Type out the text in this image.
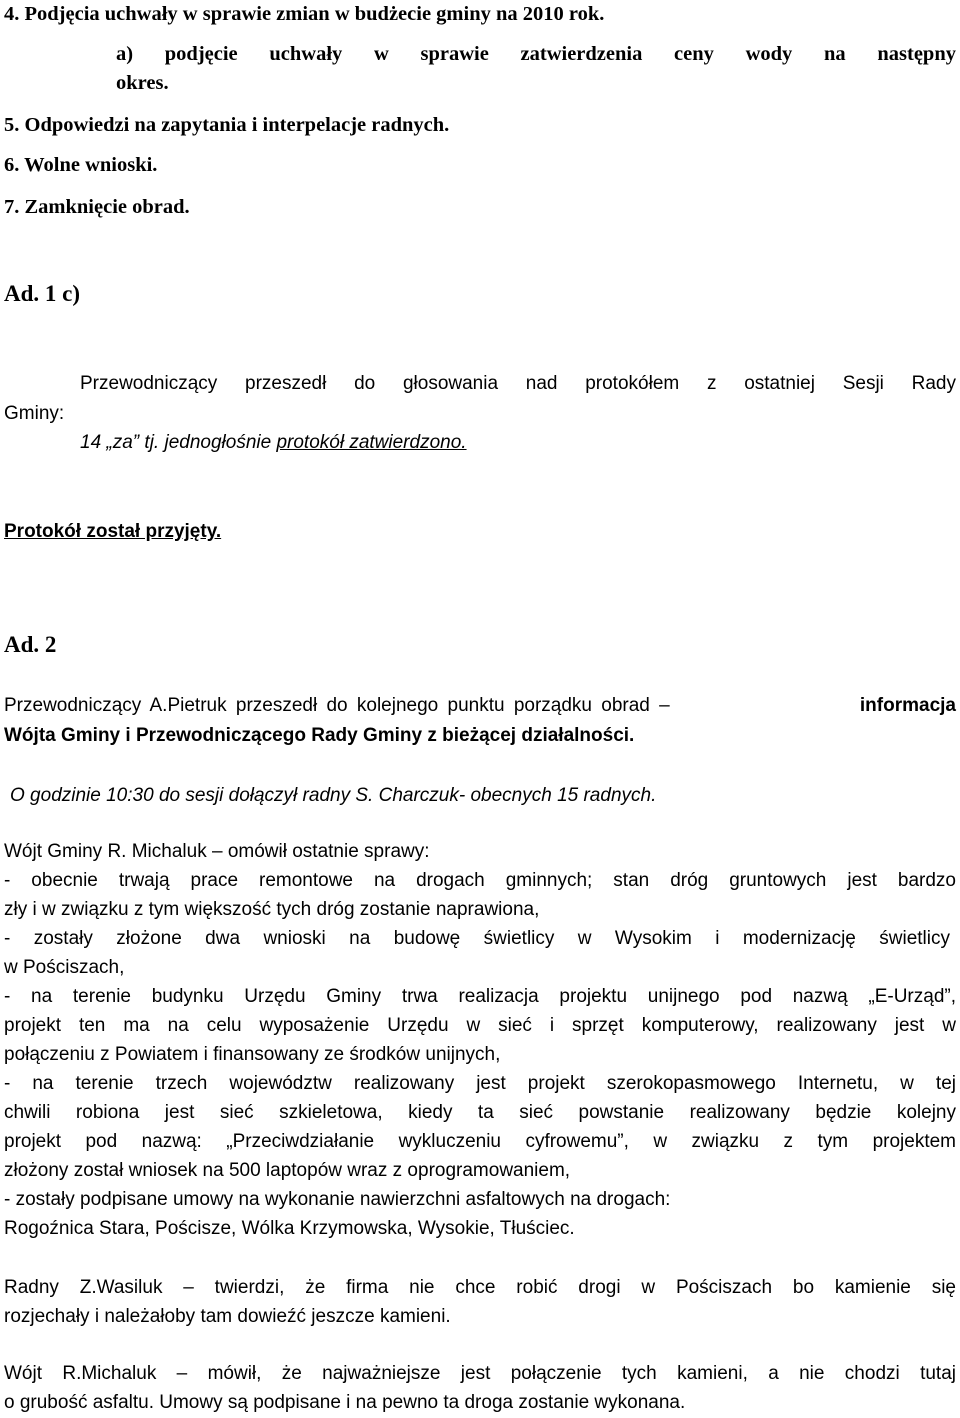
4. Podjęcia uchwały w sprawie zmian w budżecie gminy na 2010 rok.
a) podjęcie uchwały w sprawie zatwierdzenia ceny wody na następny
okres.
5. Odpowiedzi na zapytania i interpelacje radnych.
6. Wolne wnioski.
7. Zamknięcie obrad.
Ad. 1 c)
Przewodniczący przeszedł do głosowania nad protokółem z ostatniej Sesji Rady
Gminy:
14 „za” tj. jednogłośnie protokół zatwierdzono.
Protokół został przyjęty.
Ad. 2
Przewodniczący A.Pietruk przeszedł do kolejnego punktu porządku obrad –	informacja
Wójta Gminy i Przewodniczącego Rady Gminy z bieżącej działalności.
O godzinie 10:30 do sesji dołączył radny S. Charczuk- obecnych 15 radnych.
Wójt Gminy R. Michaluk – omówił ostatnie sprawy:
- obecnie trwają prace remontowe na drogach gminnych; stan dróg gruntowych jest bardzo
zły i w związku z tym większość tych dróg zostanie naprawiona,
- zostały złożone dwa wnioski na budowę świetlicy w Wysokim i modernizację świetlicy
w Pościszach,
- na terenie budynku Urzędu Gminy trwa realizacja projektu unijnego pod nazwą „E-Urząd”,
projekt ten ma na celu wyposażenie Urzędu w sieć i sprzęt komputerowy, realizowany jest w
połączeniu z Powiatem i finansowany ze środków unijnych,
- na terenie trzech województw realizowany jest projekt szerokopasmowego Internetu, w tej
chwili robiona jest sieć szkieletowa, kiedy ta sieć powstanie realizowany będzie kolejny
projekt pod nazwą: „Przeciwdziałanie wykluczeniu cyfrowemu”, w związku z tym projektem
złożony został wniosek na 500 laptopów wraz z oprogramowaniem,
- zostały podpisane umowy na wykonanie nawierzchni asfaltowych na drogach:
Rogoźnica Stara, Pościsze, Wólka Krzymowska, Wysokie, Tłuściec.
Radny Z.Wasiluk – twierdzi, że firma nie chce robić drogi w Pościszach bo kamienie się
rozjechały i należałoby tam dowieźć jeszcze kamieni.
Wójt R.Michaluk – mówił, że najważniejsze jest połączenie tych kamieni, a nie chodzi tutaj
o grubość asfaltu. Umowy są podpisane i na pewno ta droga zostanie wykonana.
